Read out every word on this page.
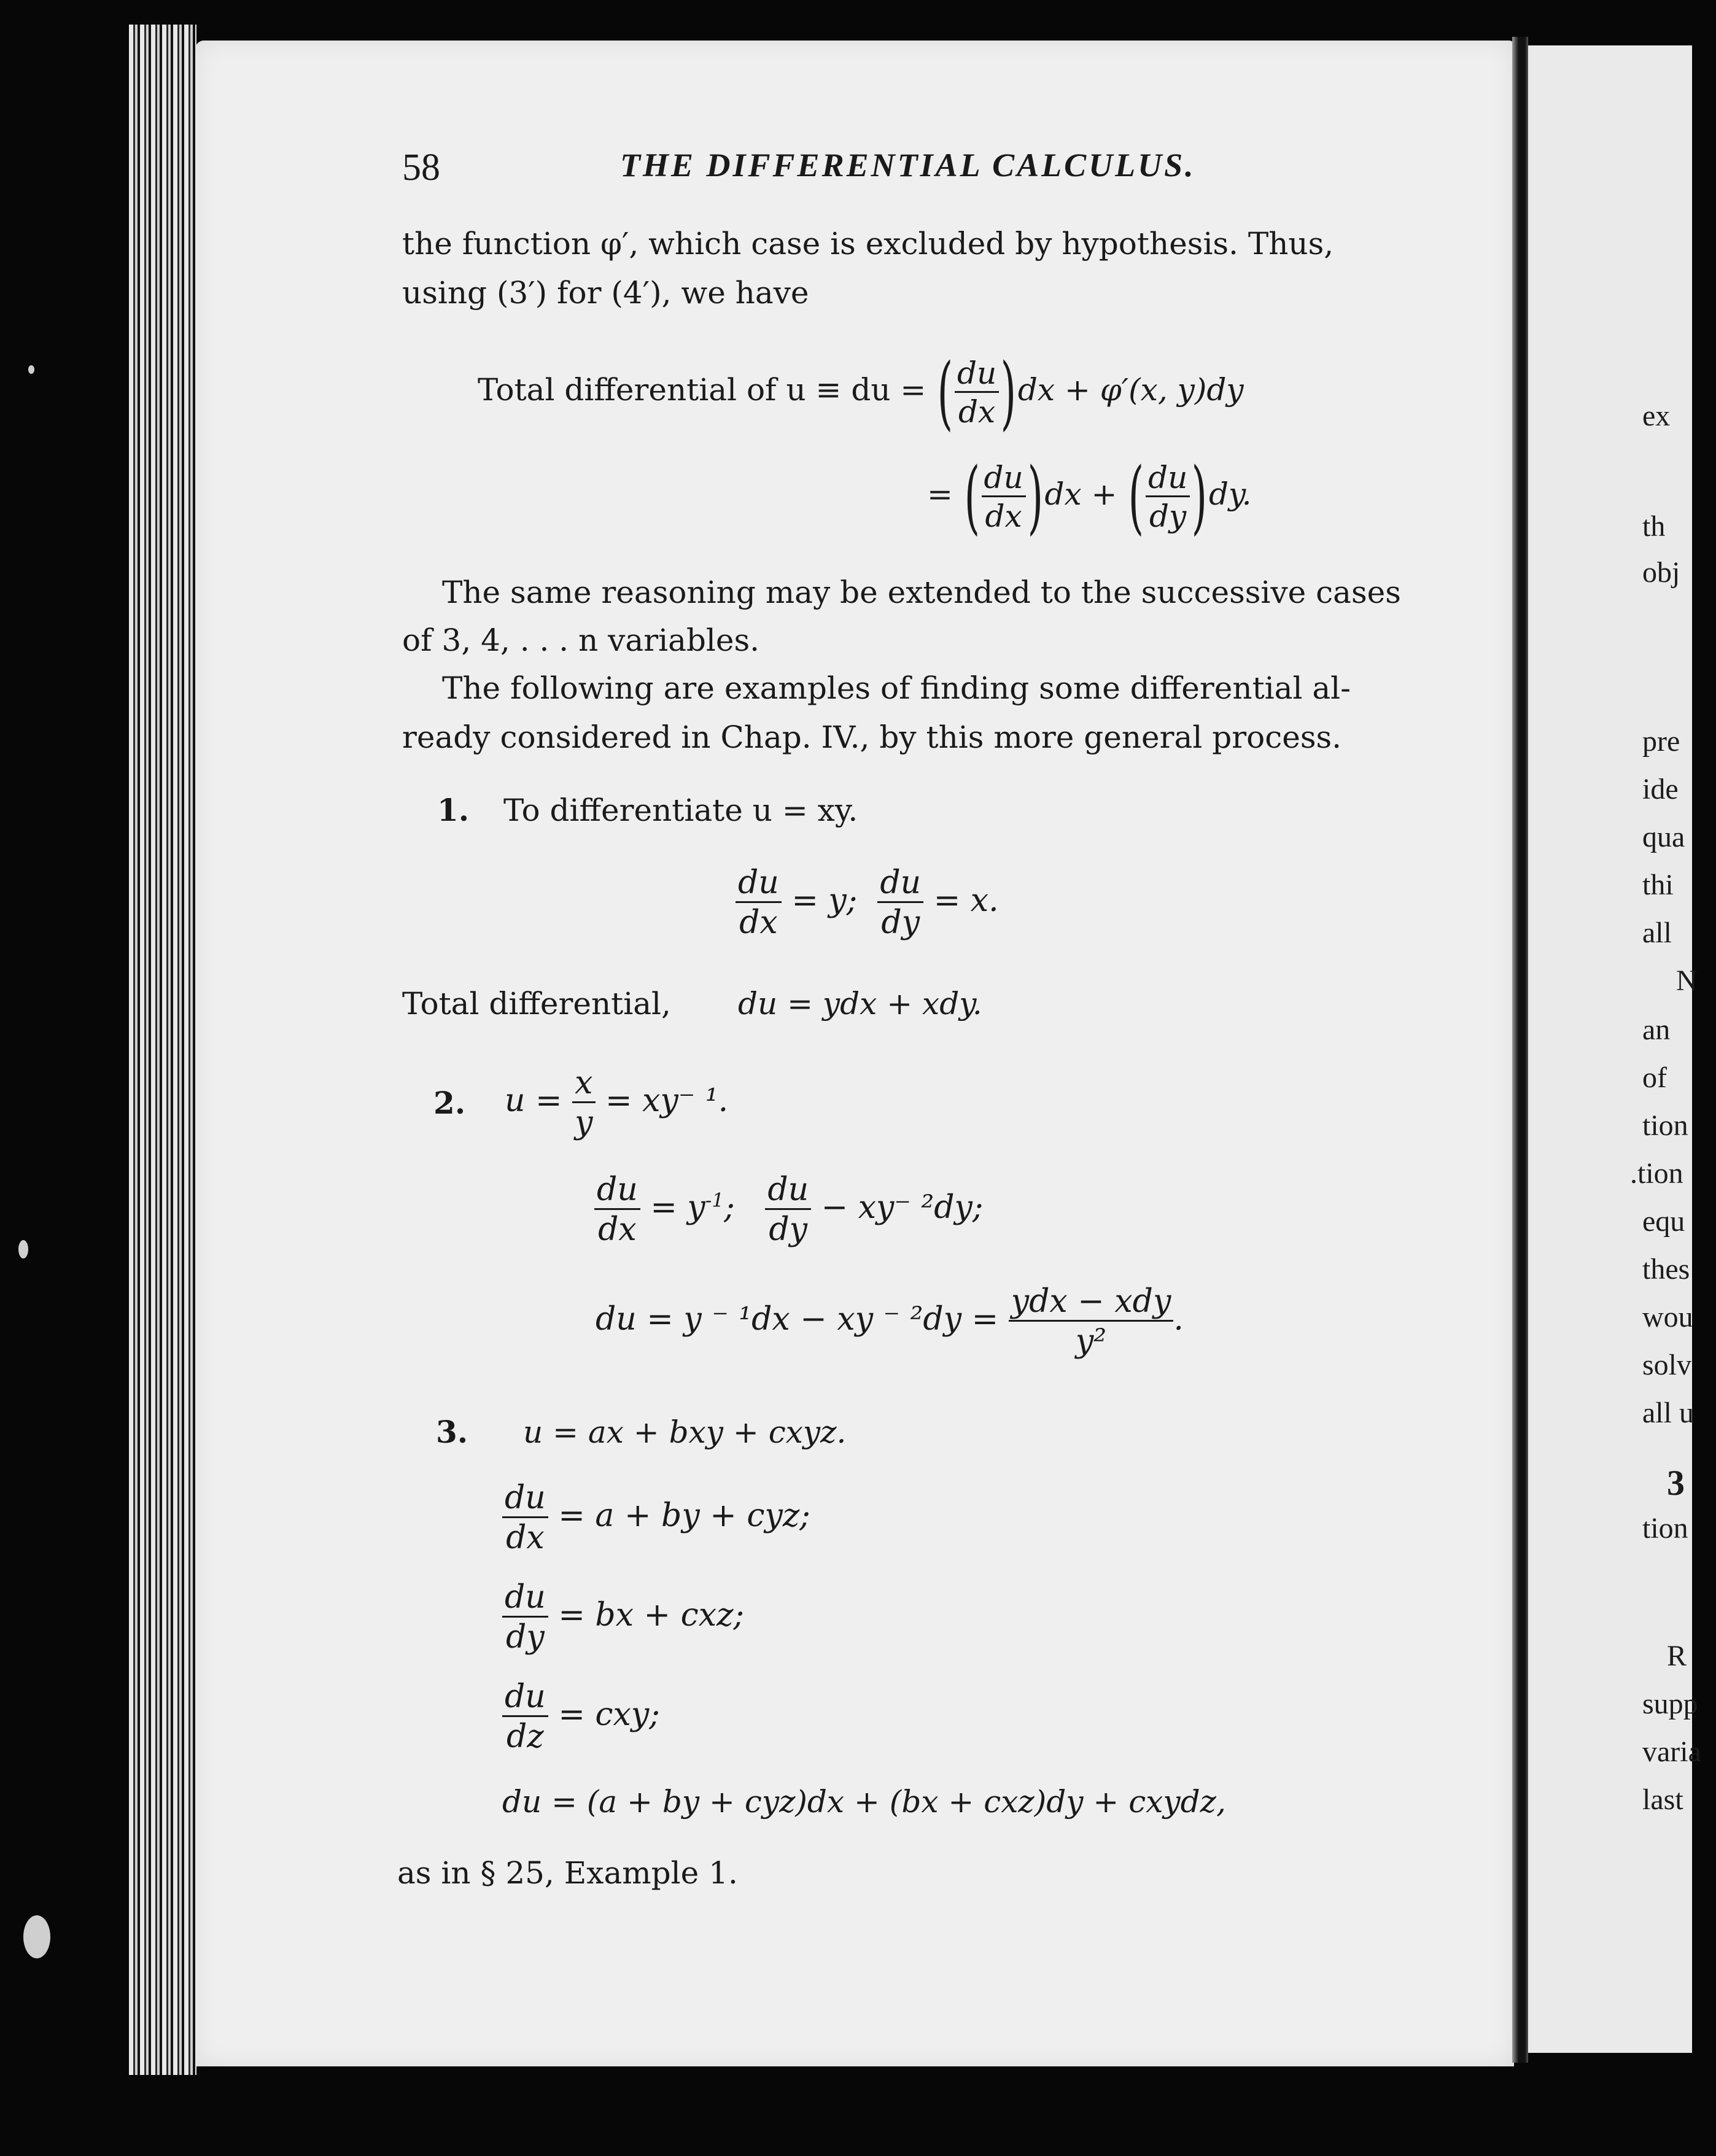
ex
th
obj
pre
ide
qua
thi
all
N
an
of
tion
.tion
equ
thes
wou
solv
all u
3
tion
R
supp
varia
last
58	THE DIFFERENTIAL CALCULUS.
the function φ′, which case is excluded by hypothesis. Thus,
using (3′) for (4′), we have
Total differential of u ≡ du = ( $\frac{du}{dx} )dx + \varphi'(x$, y)dy
= ( $\frac{du}{dx} )dx$ + ( $\frac{du}{dy} )dy$.
The same reasoning may be extended to the successive cases
of 3, 4, . . . n variables.
The following are examples of finding some differential al-
ready considered in Chap. IV., by this more general process.
1. To differentiate u = xy.
$\frac{du}{dx} = y$; $\frac{du}{dy} = x$.
Total differential, du = ydx + xdy.
2. $u = \frac{x}{y} = xy^-$ ¹.
$\frac{du}{dx} = y^{-1}$; $\frac{du}{dy} - xy^-$ ²dy;
du = y ⁻ ¹dx − xy ⁻ $^2dy = \frac{\text{ydx − xdy}}{\text{y²}}$ .
3. u = ax + bxy + cxyz.
$\frac{du}{dx} = a$ + by + cyz;
$\frac{du}{dy}$ = bx + cxz;
$\frac{du}{dz}$ = cxy;
du = (a + by + cyz)dx + (bx + cxz)dy + cxydz,
as in § 25, Example 1.
